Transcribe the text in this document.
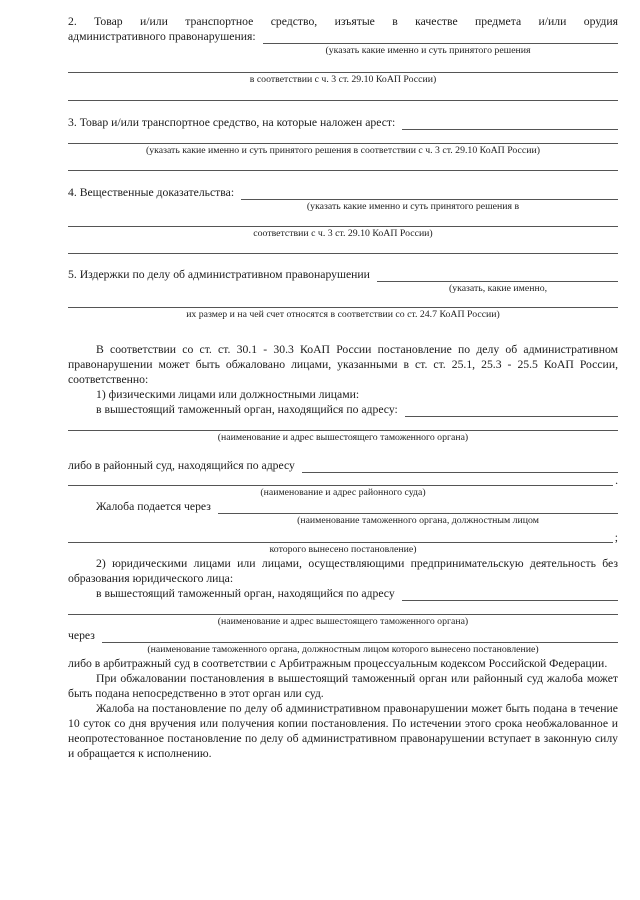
2. Товар и/или транспортное средство, изъятые в качестве предмета и/или орудия
административного правонарушения:
(указать какие именно и суть принятого решения
в соответствии с ч. 3 ст. 29.10 КоАП России)
3. Товар и/или транспортное средство, на которые наложен арест:
(указать какие именно и суть принятого решения в соответствии с ч. 3 ст. 29.10 КоАП России)
4. Вещественные доказательства:
(указать какие именно и суть принятого решения в
соответствии с ч. 3 ст. 29.10 КоАП России)
5. Издержки по делу об административном правонарушении
(указать, какие именно,
их размер и на чей счет относятся в соответствии со ст. 24.7 КоАП России)
В соответствии со ст. ст. 30.1 - 30.3 КоАП России постановление по делу об административном правонарушении может быть обжаловано лицами, указанными в ст. ст. 25.1, 25.3 - 25.5 КоАП России, соответственно:
1) физическими лицами или должностными лицами:
в вышестоящий таможенный орган, находящийся по адресу:
(наименование и адрес вышестоящего таможенного органа)
либо в районный суд, находящийся по адресу
.
(наименование и адрес районного суда)
Жалоба подается через
(наименование таможенного органа, должностным лицом
;
которого вынесено постановление)
2) юридическими лицами или лицами, осуществляющими предпринимательскую деятельность без образования юридического лица:
в вышестоящий таможенный орган, находящийся по адресу
(наименование и адрес вышестоящего таможенного органа)
через
(наименование таможенного органа, должностным лицом которого вынесено постановление)
либо в арбитражный суд в соответствии с Арбитражным процессуальным кодексом Российской Федерации.
При обжаловании постановления в вышестоящий таможенный орган или районный суд жалоба может быть подана непосредственно в этот орган или суд.
Жалоба на постановление по делу об административном правонарушении может быть подана в течение 10 суток со дня вручения или получения копии постановления. По истечении этого срока необжалованное и неопротестованное постановление по делу об административном правонарушении вступает в законную силу и обращается к исполнению.
